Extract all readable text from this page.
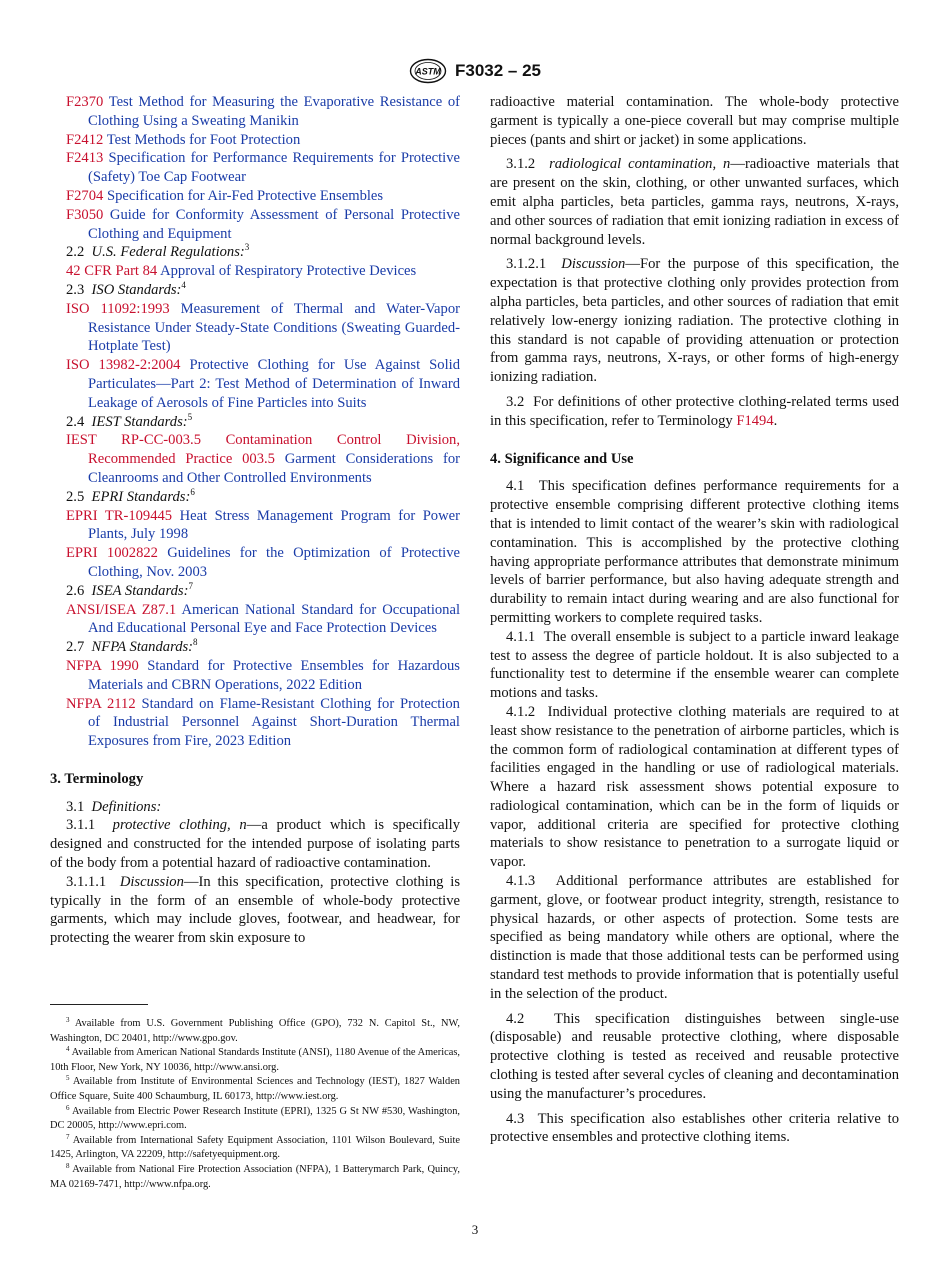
ASTM F3032 – 25

F2370 Test Method for Measuring the Evaporative Resistance of Clothing Using a Sweating Manikin

F2412 Test Methods for Foot Protection

F2413 Specification for Performance Requirements for Protective (Safety) Toe Cap Footwear

F2704 Specification for Air-Fed Protective Ensembles

F3050 Guide for Conformity Assessment of Personal Protective Clothing and Equipment

2.2 U.S. Federal Regulations:$^3$

42 CFR Part 84 Approval of Respiratory Protective Devices

2.3 ISO Standards:$^4$

ISO 11092:1993 Measurement of Thermal and Water-Vapor Resistance Under Steady-State Conditions (Sweating Guarded-Hotplate Test)

ISO 13982-2:2004 Protective Clothing for Use Against Solid Particulates—Part 2: Test Method of Determination of Inward Leakage of Aerosols of Fine Particles into Suits

2.4 IEST Standards:$^5$

IEST RP-CC-003.5 Contamination Control Division, Recommended Practice 003.5 Garment Considerations for Cleanrooms and Other Controlled Environments

2.5 EPRI Standards:$^6$

EPRI TR-109445 Heat Stress Management Program for Power Plants, July 1998

EPRI 1002822 Guidelines for the Optimization of Protective Clothing, Nov. 2003

2.6 ISEA Standards:$^7$

ANSI/ISEA Z87.1 American National Standard for Occupational And Educational Personal Eye and Face Protection Devices

2.7 NFPA Standards:$^8$

NFPA 1990 Standard for Protective Ensembles for Hazardous Materials and CBRN Operations, 2022 Edition

NFPA 2112 Standard on Flame-Resistant Clothing for Protection of Industrial Personnel Against Short-Duration Thermal Exposures from Fire, 2023 Edition

3. Terminology

3.1 Definitions:

3.1.1 protective clothing, n—a product which is specifically designed and constructed for the intended purpose of isolating parts of the body from a potential hazard of radioactive contamination.

3.1.1.1 Discussion—In this specification, protective clothing is typically in the form of an ensemble of whole-body protective garments, which may include gloves, footwear, and headwear, for protecting the wearer from skin exposure to

radioactive material contamination. The whole-body protective garment is typically a one-piece coverall but may comprise multiple pieces (pants and shirt or jacket) in some applications.

3.1.2 radiological contamination, n—radioactive materials that are present on the skin, clothing, or other unwanted surfaces, which emit alpha particles, beta particles, gamma rays, neutrons, X-rays, and other sources of radiation that emit ionizing radiation in excess of normal background levels.

3.1.2.1 Discussion—For the purpose of this specification, the expectation is that protective clothing only provides protection from alpha particles, beta particles, and other sources of radiation that emit relatively low-energy ionizing radiation. The protective clothing in this standard is not capable of providing attenuation or protection from gamma rays, neutrons, X-rays, or other forms of high-energy ionizing radiation.

3.2 For definitions of other protective clothing-related terms used in this specification, refer to Terminology F1494.

4. Significance and Use

4.1 This specification defines performance requirements for a protective ensemble comprising different protective clothing items that is intended to limit contact of the wearer’s skin with radiological contamination. This is accomplished by the protective clothing having appropriate performance attributes that demonstrate minimum levels of barrier performance, but also having adequate strength and durability to remain intact during wearing and are also functional for permitting workers to complete required tasks.

4.1.1 The overall ensemble is subject to a particle inward leakage test to assess the degree of particle holdout. It is also subjected to a functionality test to determine if the ensemble wearer can complete motions and tasks.

4.1.2 Individual protective clothing materials are required to at least show resistance to the penetration of airborne particles, which is the common form of radiological contamination at different types of facilities engaged in the handling or use of radiological materials. Where a hazard risk assessment shows potential exposure to radiological contamination, which can be in the form of liquids or vapor, additional criteria are specified for protective clothing materials to show resistance to penetration to a surrogate liquid or vapor.

4.1.3 Additional performance attributes are established for garment, glove, or footwear product integrity, strength, resistance to physical hazards, or other aspects of protection. Some tests are specified as being mandatory while others are optional, where the distinction is made that those additional tests can be performed using standard test methods to provide information that is potentially useful in the selection of the product.

4.2 This specification distinguishes between single-use (disposable) and reusable protective clothing, where disposable protective clothing is tested as received and reusable protective clothing is tested after several cycles of cleaning and decontamination using the manufacturer’s procedures.

4.3 This specification also establishes other criteria relative to protective ensembles and protective clothing items.

$^3$ Available from U.S. Government Publishing Office (GPO), 732 N. Capitol St., NW, Washington, DC 20401, http://www.gpo.gov.

$^4$ Available from American National Standards Institute (ANSI), 1180 Avenue of the Americas, 10th Floor, New York, NY 10036, http://www.ansi.org.

$^5$ Available from Institute of Environmental Sciences and Technology (IEST), 1827 Walden Office Square, Suite 400 Schaumburg, IL 60173, http://www.iest.org.

$^6$ Available from Electric Power Research Institute (EPRI), 1325 G St NW #530, Washington, DC 20005, http://www.epri.com.

$^7$ Available from International Safety Equipment Association, 1101 Wilson Boulevard, Suite 1425, Arlington, VA 22209, http://safetyequipment.org.

$^8$ Available from National Fire Protection Association (NFPA), 1 Batterymarch Park, Quincy, MA 02169-7471, http://www.nfpa.org.

3
